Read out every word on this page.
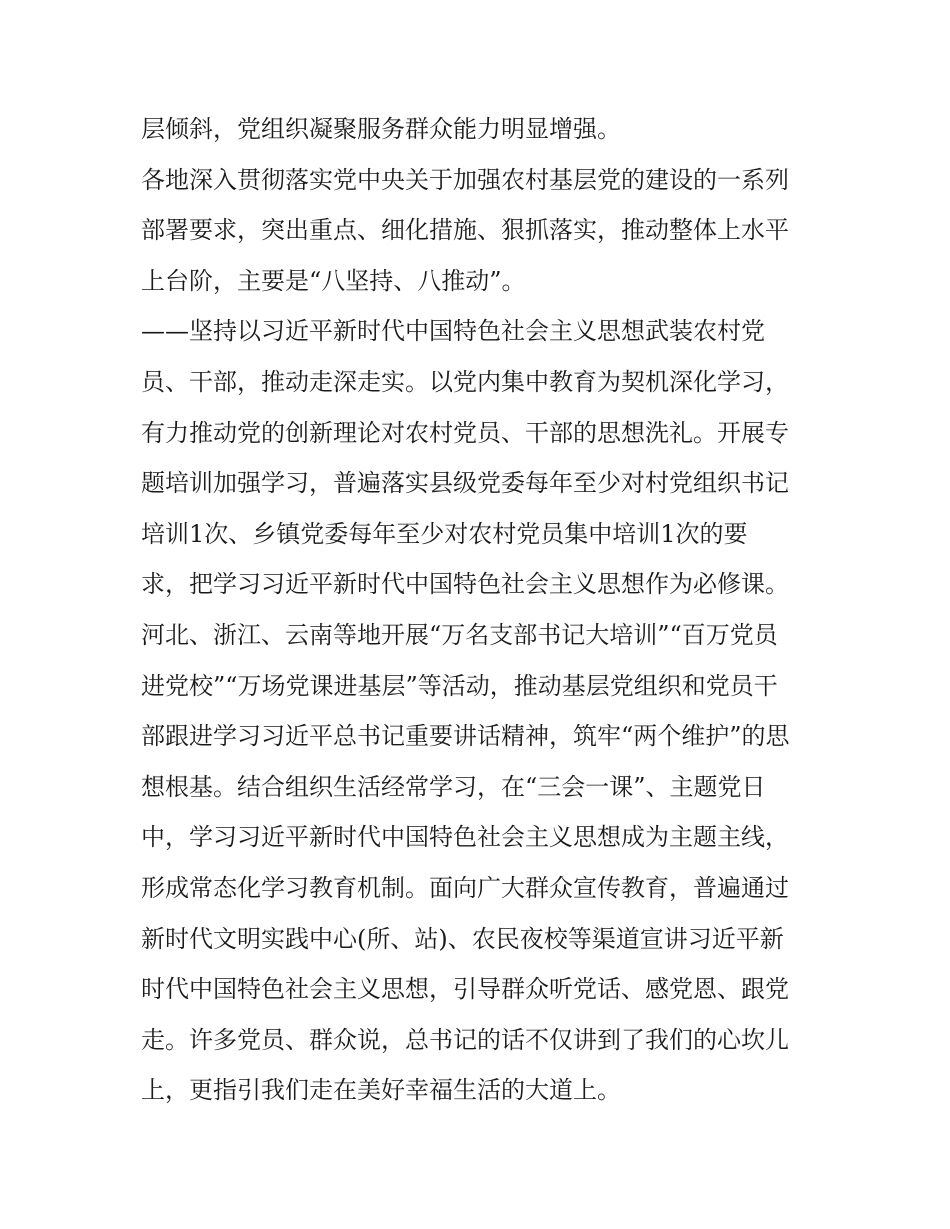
层倾斜，党组织凝聚服务群众能力明显增强。
各地深入贯彻落实党中央关于加强农村基层党的建设的一系列
部署要求，突出重点、细化措施、狠抓落实，推动整体上水平
上台阶，主要是“八坚持、八推动”。
——坚持以习近平新时代中国特色社会主义思想武装农村党
员、干部，推动走深走实。以党内集中教育为契机深化学习，
有力推动党的创新理论对农村党员、干部的思想洗礼。开展专
题培训加强学习，普遍落实县级党委每年至少对村党组织书记
培训1次、乡镇党委每年至少对农村党员集中培训1次的要
求，把学习习近平新时代中国特色社会主义思想作为必修课。
河北、浙江、云南等地开展“万名支部书记大培训”“百万党员
进党校”“万场党课进基层”等活动，推动基层党组织和党员干
部跟进学习习近平总书记重要讲话精神，筑牢“两个维护”的思
想根基。结合组织生活经常学习，在“三会一课”、主题党日
中，学习习近平新时代中国特色社会主义思想成为主题主线，
形成常态化学习教育机制。面向广大群众宣传教育，普遍通过
新时代文明实践中心(所、站)、农民夜校等渠道宣讲习近平新
时代中国特色社会主义思想，引导群众听党话、感党恩、跟党
走。许多党员、群众说，总书记的话不仅讲到了我们的心坎儿
上，更指引我们走在美好幸福生活的大道上。
